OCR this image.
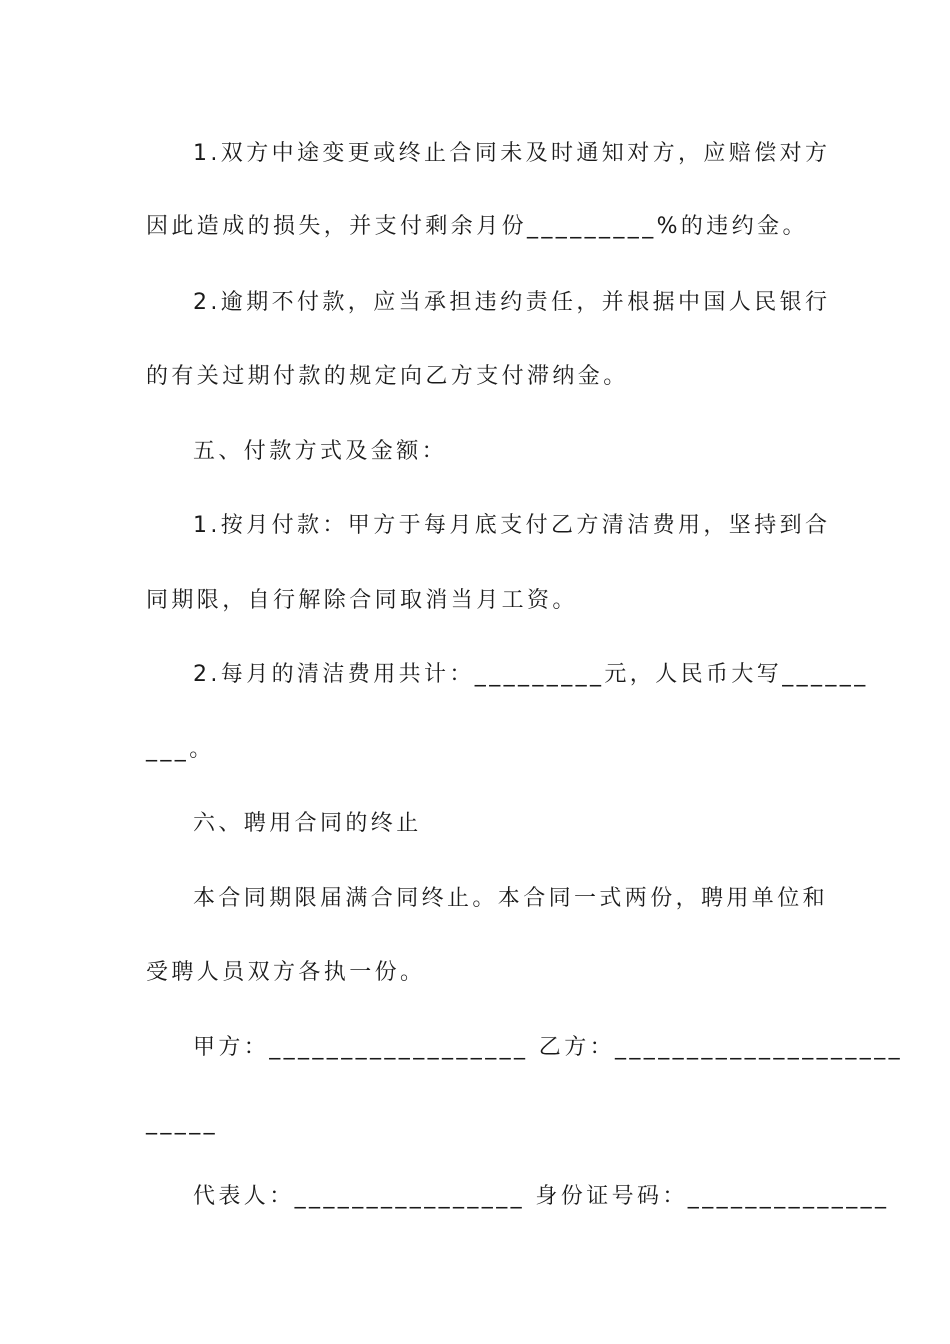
1.双方中途变更或终止合同未及时通知对方，应赔偿对方
因此造成的损失，并支付剩余月份_________%的违约金。
2.逾期不付款，应当承担违约责任，并根据中国人民银行
的有关过期付款的规定向乙方支付滞纳金。
五、付款方式及金额：
1.按月付款：甲方于每月底支付乙方清洁费用，坚持到合
同期限，自行解除合同取消当月工资。
2.每月的清洁费用共计：_________元，人民币大写______
___。
六、聘用合同的终止
本合同期限届满合同终止。本合同一式两份，聘用单位和
受聘人员双方各执一份。
甲方：__________________ 乙方：____________________
_____
代表人：________________ 身份证号码：______________
